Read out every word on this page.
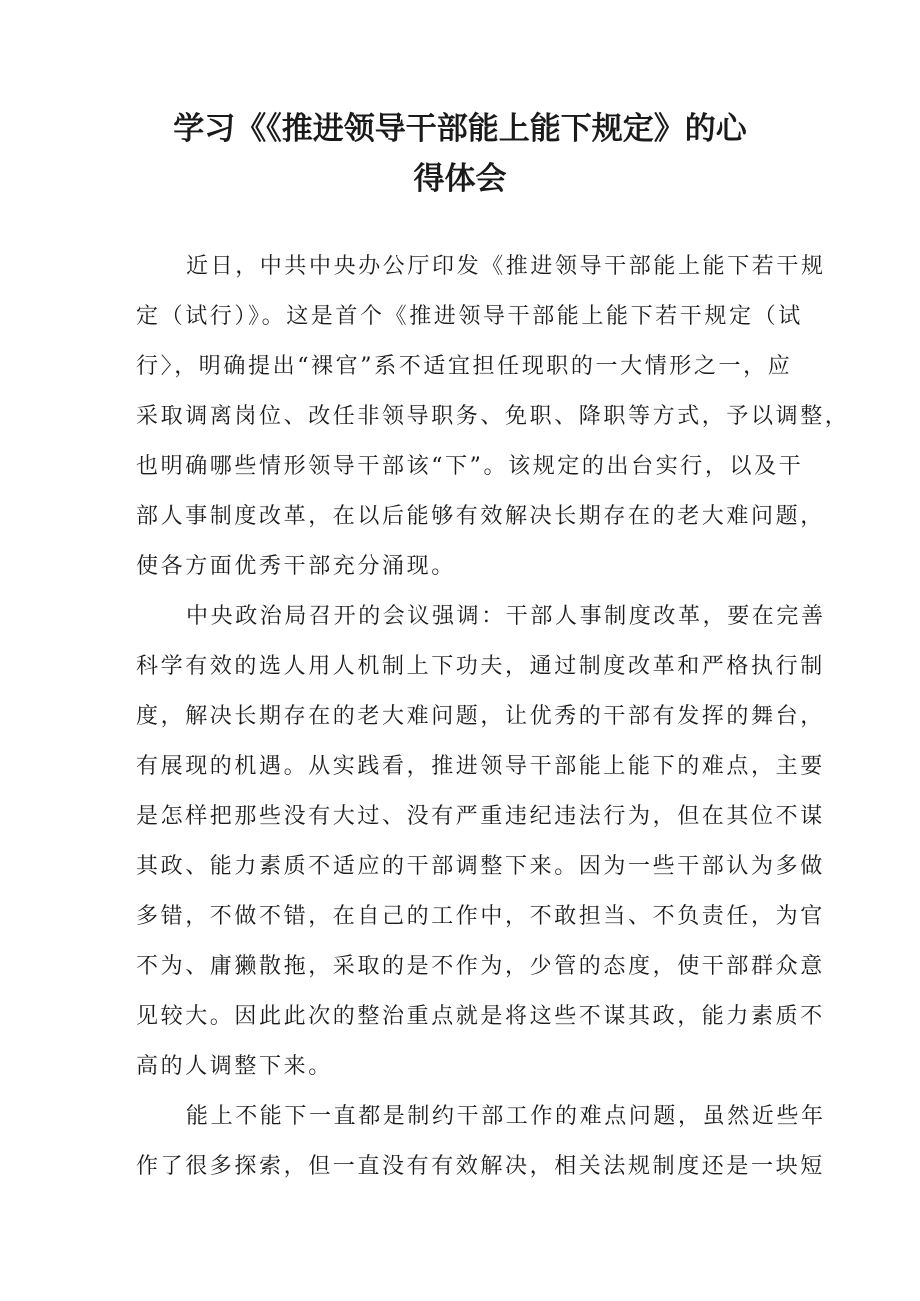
学习《《推进领导干部能上能下规定》的心
得体会
近日，中共中央办公厅印发《推进领导干部能上能下若干规
定（试行）》。这是首个《推进领导干部能上能下若干规定（试
行〉，明确提出“裸官”系不适宜担任现职的一大情形之一，应
采取调离岗位、改任非领导职务、免职、降职等方式，予以调整，
也明确哪些情形领导干部该“下”。该规定的出台实行，以及干
部人事制度改革，在以后能够有效解决长期存在的老大难问题，
使各方面优秀干部充分涌现。
中央政治局召开的会议强调：干部人事制度改革，要在完善
科学有效的选人用人机制上下功夫，通过制度改革和严格执行制
度，解决长期存在的老大难问题，让优秀的干部有发挥的舞台，
有展现的机遇。从实践看，推进领导干部能上能下的难点，主要
是怎样把那些没有大过、没有严重违纪违法行为，但在其位不谋
其政、能力素质不适应的干部调整下来。因为一些干部认为多做
多错，不做不错，在自己的工作中，不敢担当、不负责任，为官
不为、庸獭散拖，采取的是不作为，少管的态度，使干部群众意
见较大。因此此次的整治重点就是将这些不谋其政，能力素质不
高的人调整下来。
能上不能下一直都是制约干部工作的难点问题，虽然近些年
作了很多探索，但一直没有有效解决，相关法规制度还是一块短
